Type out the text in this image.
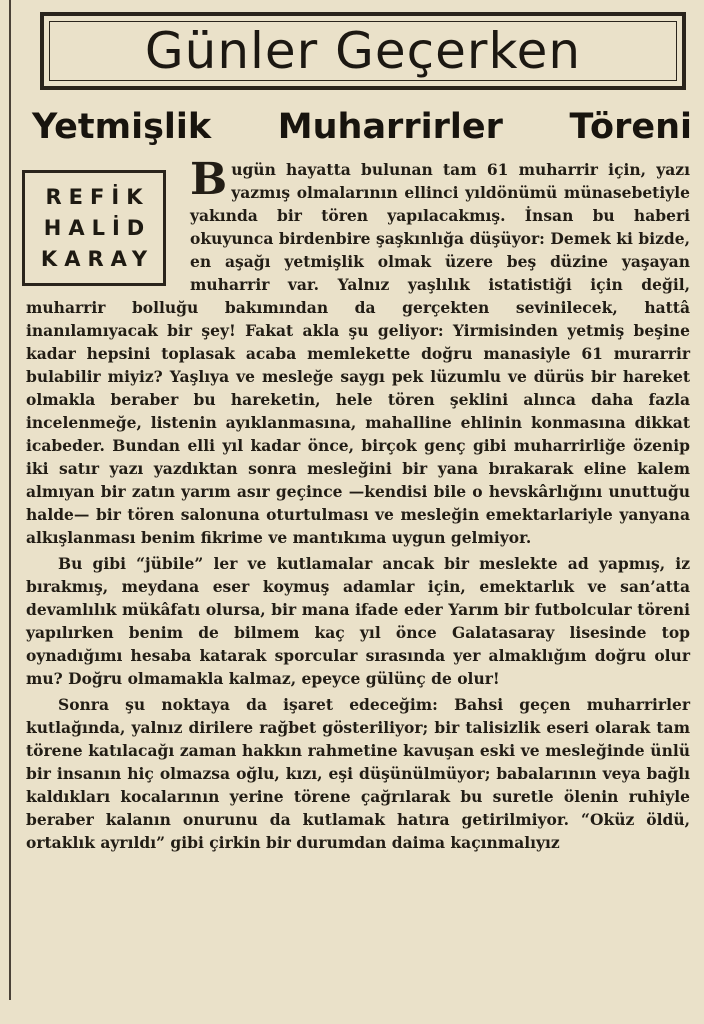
Günler Geçerken
Yetmişlik Muharrirler Töreni
REFİK
HALİD
KARAY

Bugün hayatta bulunan tam 61 muharrir için, yazı yazmış olmalarının ellinci yıldönümü münasebetiyle yakında bir tören yapılacakmış. İnsan bu haberi okuyunca birdenbire şaşkınlığa düşüyor: Demek ki bizde, en aşağı yetmişlik olmak üzere beş düzine yaşayan muharrir var. Yalnız yaşlılık istatistiği için değil, muharrir bolluğu bakımından da gerçekten sevinilecek, hattâ inanılamıyacak bir şey! Fakat akla şu geliyor: Yirmisinden yetmiş beşine kadar hepsini toplasak acaba memlekette doğru manasiyle 61 murarrir bulabilir miyiz? Yaşlıya ve mesleğe saygı pek lüzumlu ve dürüs bir hareket olmakla beraber bu hareketin, hele tören şeklini alınca daha fazla incelenmeğe, listenin ayıklanmasına, mahalline ehlinin konmasına dikkat icabeder. Bundan elli yıl kadar önce, birçok genç gibi muharrirliğe özenip iki satır yazı yazdıktan sonra mesleğini bir yana bırakarak eline kalem almıyan bir zatın yarım asır geçince —kendisi bile o hevskârlığını unuttuğu halde— bir tören salonuna oturtulması ve mesleğin emektarlariyle yanyana alkışlanması benim fikrime ve mantıkıma uygun gelmiyor.

Bu gibi “jübile” ler ve kutlamalar ancak bir meslekte ad yapmış, iz bırakmış, meydana eser koymuş adamlar için, emektarlık ve san’atta devamlılık mükâfatı olursa, bir mana ifade eder Yarım bir futbolcular töreni yapılırken benim de bilmem kaç yıl önce Galatasaray lisesinde top oynadığımı hesaba katarak sporcular sırasında yer almaklığım doğru olur mu? Doğru olmamakla kalmaz, epeyce gülünç de olur!

Sonra şu noktaya da işaret edeceğim: Bahsi geçen muharrirler kutlağında, yalnız dirilere rağbet gösteriliyor; bir talisizlik eseri olarak tam törene katılacağı zaman hakkın rahmetine kavuşan eski ve mesleğinde ünlü bir insanın hiç olmazsa oğlu, kızı, eşi düşünülmüyor; babalarının veya bağlı kaldıkları kocalarının yerine törene çağrılarak bu suretle ölenin ruhiyle beraber kalanın onurunu da kutlamak hatıra getirilmiyor. “Oküz öldü, ortaklık ayrıldı” gibi çirkin bir durumdan daima kaçınmalıyız
